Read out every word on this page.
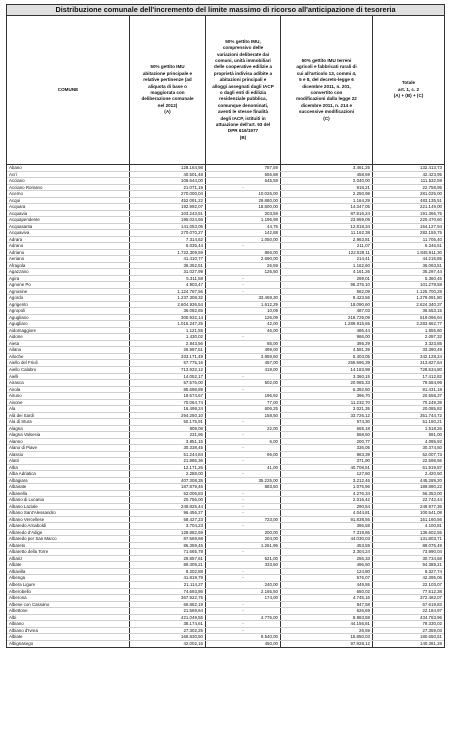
Distribuzione comunale dell'incremento del limite massimo di ricorso all'anticipazione di tesoreria
COMUNE
50% gettito IMU
abitazione principale e
relative pertinenze (ad
aliquota di base o
maggiorata con
deliberazione comunale
nel 2012)
(A)
50% gettito IMU,
comprensivo delle
variazioni deliberate dai
comuni, unità immobiliari
delle cooperative edilizie a
proprietà indivisa adibite a
abitazioni principali e
alloggi assegnati dagli IACP
o dagli enti di edilizia
residenziale pubblica,
comunque denominati,
aventi le stesse finalità
degli IACP, istituiti in
attuazione dell'art. 93 del
DPR 616/1977
(B)
50% gettito IMU terreni
agricoli e fabbricati rurali di
cui all'articolo 13, commi 4,
5 e 8, del decreto-legge 6
dicembre 2011, n. 201,
convertito con
modificazioni dalla legge 22
dicembre 2011, n. 214 e
successive modificazioni
(C)
Totale
art. 1, c. 2
(A) + (B) + (C)
Abano	128.164,98	787,59	3.461,25	132.413,73
Acrì	40.501,48	656,88	458,59	42.423,95
Acciano	106.644,00	645,59	2.040,00	111.532,59
Acciano Romano	21.071,19	-	918,21	22.758,95
Acerno	270.000,04	10.026,00	2.250,98	281.025,00
Acqui	452.091,22	29.880,00	1.164,29	483.135,51
Acquara	192.992,07	18.800,00	14.347,05	221.149,00
Acquavia	103.243,51	203,59	87.916,24	191.366,75
Acquapendente	195.024,56	1.196,98	23.959,09	220.470,60
Acquasanta	141.053,05	44,75	12.818,34	154.127,94
Acquaviva	270.070,27	142,88	11.162,38	282.155,75
Adrara	7.314,62	1.050,00	2.963,81	11.705,40
Adrano	6.035,44	-	211,07	6.246,51
Adriano	1.722.309,59	866,00	122.529,11	1.845.911,30
Aeriano	41.410,77	2.690,00	214,41	44.215,85
Afragola	36.352,51	26,59	1.162,60	36.063,51
Agazzano	31.027,99	126,50	4.161,26	35.297,44
Agira	5.311,58	-	299,01	5.360,45
Agnone Po	4.903,47	-	96.376,10	101.279,59
Agnosine	1.124.767,56	-	562,09	1.125.700,28
Agordo	1.237.308,32	33.459,30	9.423,56	1.279.091,80
Agrigento	2.604.936,54	1.612,29	18.090,60	2.624.340,37
Agropoli	36.082,65	10,09	487,03	36.553,15
Agugliano	300.932,14	126,09	218.729,09	519.096,94
Agugliaro	1.016.247,25	42,00	1.289.915,65	2.283.662,77
Aidomaggiore	1.121,55	46,00	486,44	1.655,60
Aidone	1.430,02	-	986,00	2.097,32
Aieta	2.843,56	85,00	395,29	3.323,85
Ailano	26.997,51	499,00	4.581,39	33.390,49
Ailoche	333.171,49	3.859,50	5.403,05	342.128,24
Aiello del Friuli	57.775,16	457,00	255.596,39	313.827,64
Aiello Calabro	713.932,12	419,00	14.183,98	728.534,80
Aielli	14.052,17	-	3.360,15	17.412,82
Airasca	57.576,00	502,00	20.985,33	79.584,99
Airola	85.698,89	-	6.392,50	91.431,18
Airuno	19.574,67	196,92	396,70	20.558,37
Aisone	70.064,74	77,00	11.232,70	70.249,39
Ala	16.498,24	606,25	3.021,35	20.085,82
Alà dei Sardi	294.250,10	158,50	33.726,12	351.744,72
Ala di Stura	50.175,91	-	974,30	51.150,21
Alagna	809,08	22,00	665,18	1.518,26
Alagna Valsesia	231,95	-	568,50	591,00
Alanno	3.851,15	6,00	200,77	4.095,92
Alano di Piave	30.338,45	-	336,05	30.374,50
Alassio	51.244,84	96,00	883,39	52.007,73
Alatri	21.886,36	-	371,90	22.598,56
Alba	12.171,26	41,00	40.708,51	61.919,87
Alba Adriatica	2.288,00	-	127,60	2.420,50
Albagiara	407.308,35	35.225,00	3.212,46	445.289,20
Albairate	187.879,46	883,50	1.076,96	189.890,22
Albanella	52.006,83	-	4.276,34	56.353,00
Albano di Lucania	20.756,00	-	2.016,42	22.742,44
Albano Laziale	249.825,44	-	290,54	249.977,36
Albano Sant'Alessandro	96.456,27	-	4.044,81	100.541,08
Albano Vercellese	58.427,23	723,00	91.838,55	151.160,56
Albaredo Arnaboldi	3.704,23	-	396,58	4.100,81
Albaredo d'Adige	128.882,69	200,00	7.319,86	136.602,55
Albaredo per San Marco	87.569,68	204,00	44.030,03	131.803,71
Albareto	86.359,45	1.261,95	453,59	88.075,49
Albaretto della Torre	71.665,78	-	2.304,24	73.990,04
Albariz	29.857,61	621,00	256,33	30.734,68
Albate	89.309,21	333,50	496,50	94.389,21
Albavilla	9.202,88	-	124,80	9.327,74
Albenga	41.819,79	-	576,07	42.395,06
Albera Ligure	21.114,27	240,00	449,55	22.103,07
Alberobello	74.693,86	2.165,50	650,02	77.512,38
Alberona	367.922,75	174,00	4.745,16	372.482,07
Albese con Cassano	66.862,19	-	847,58	67.619,83
Albettone	21.569,64	-	626,69	22.184,97
Albi	421.049,55	4.776,00	8.883,58	434.763,96
Albiano	38.174,61	-	44.156,81	79.330,02
Albiano d'Ivrea	27.302,25	-	26,59	27.359,03
Albiate	166.830,50	8.540,00	15.850,03	180.650,51
Albignasego	42.002,16	450,00	97.928,12	140.381,28
